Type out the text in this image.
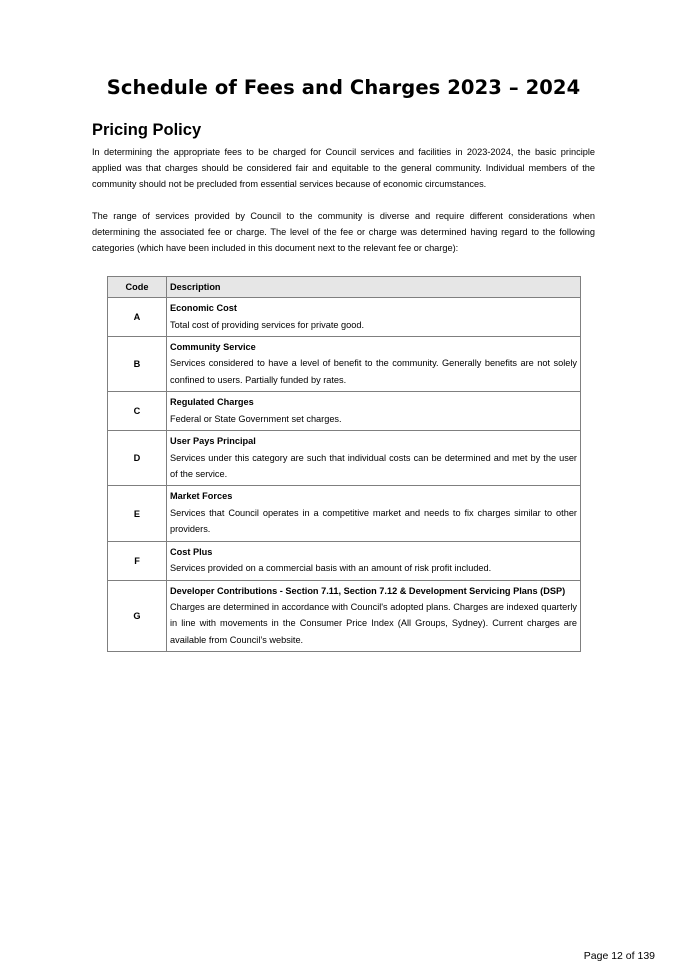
Schedule of Fees and Charges 2023 – 2024
Pricing Policy

In determining the appropriate fees to be charged for Council services and facilities in 2023-2024, the basic principle applied was that charges should be considered fair and equitable to the general community. Individual members of the community should not be precluded from essential services because of economic circumstances.

The range of services provided by Council to the community is diverse and require different considerations when determining the associated fee or charge. The level of the fee or charge was determined having regard to the following categories (which have been included in this document next to the relevant fee or charge):

Code	Description
A	Economic Cost
Total cost of providing services for private good.

B	Community Service
Services considered to have a level of benefit to the community. Generally benefits are not solely confined to users. Partially funded by rates.

C	Regulated Charges
Federal or State Government set charges.

D	User Pays Principal
Services under this category are such that individual costs can be determined and met by the user of the service.

E	Market Forces
Services that Council operates in a competitive market and needs to fix charges similar to other providers.

F	Cost Plus
Services provided on a commercial basis with an amount of risk profit included.

G	Developer Contributions - Section 7.11, Section 7.12 & Development Servicing Plans (DSP)
Charges are determined in accordance with Council's adopted plans. Charges are indexed quarterly in line with movements in the Consumer Price Index (All Groups, Sydney). Current charges are available from Council’s website.

Page 12 of 139
